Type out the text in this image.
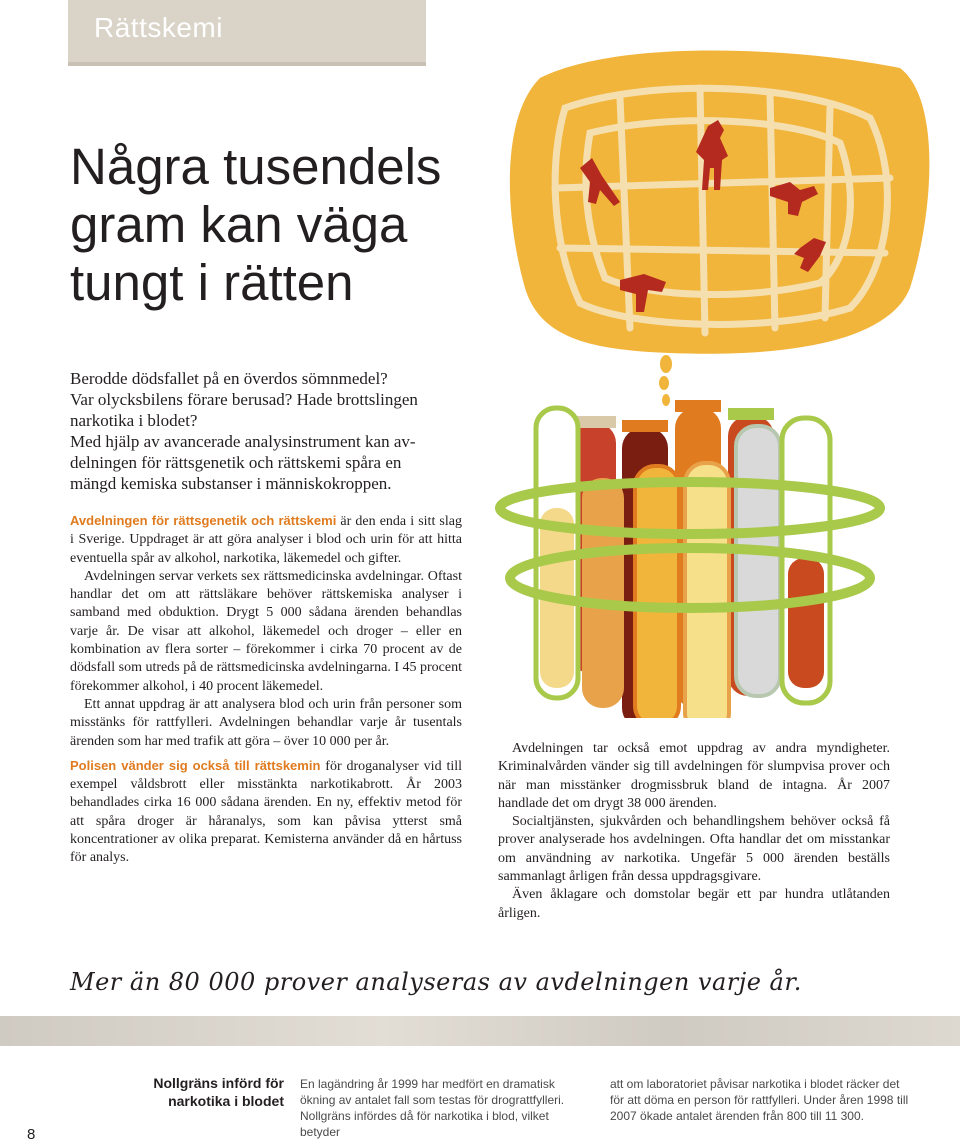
Rättskemi
Några tusendels
gram kan väga
tungt i rätten

Berodde dödsfallet på en överdos sömnmedel?

Var olycksbilens förare berusad? Hade brottslingen

narkotika i blodet?

Med hjälp av avancerade analysinstrument kan av-

delningen för rättsgenetik och rättskemi spåra en

mängd kemiska substanser i människokroppen.

Avdelningen för rättsgenetik och rättskemi är den enda i sitt slag i Sverige. Uppdraget är att göra analyser i blod och urin för att hitta eventuella spår av alkohol, narkotika, läkemedel och gifter.

Avdelningen servar verkets sex rättsmedicinska avdelningar. Oftast handlar det om att rättsläkare behöver rättskemiska analyser i samband med obduktion. Drygt 5 000 sådana ärenden behandlas varje år. De visar att alkohol, läkemedel och droger – eller en kombination av flera sorter – förekommer i cirka 70 procent av de dödsfall som utreds på de rättsmedicinska avdelningarna. I 45 procent förekommer alkohol, i 40 procent läkemedel.

Ett annat uppdrag är att analysera blod och urin från personer som misstänks för rattfylleri. Avdelningen behandlar varje år tusentals ärenden som har med trafik att göra – över 10 000 per år.

Polisen vänder sig också till rättskemin för droganalyser vid till exempel våldsbrott eller misstänkta narkotikabrott. År 2003 behandlades cirka 16 000 sådana ärenden. En ny, effektiv metod för att spåra droger är håranalys, som kan påvisa ytterst små koncentrationer av olika preparat. Kemisterna använder då en hårtuss för analys.

Avdelningen tar också emot uppdrag av andra myndigheter. Kriminalvården vänder sig till avdelningen för slumpvisa prover och när man misstänker drogmissbruk bland de intagna. År 2007 handlade det om drygt 38 000 ärenden.

Socialtjänsten, sjukvården och behandlingshem behöver också få prover analyserade hos avdelningen. Ofta handlar det om misstankar om användning av narkotika. Ungefär 5 000 ärenden beställs sammanlagt årligen från dessa uppdragsgivare.

Även åklagare och domstolar begär ett par hundra utlåtanden årligen.

Mer än 80 000 prover analyseras av avdelningen varje år.
Nollgräns införd för narkotika i blodet

En lagändring år 1999 har medfört en dramatisk ökning av antalet fall som testas för drograttfylleri. Nollgräns infördes då för narkotika i blod, vilket betyder

att om laboratoriet påvisar narkotika i blodet räcker det för att döma en person för rattfylleri. Under åren 1998 till 2007 ökade antalet ärenden från 800 till 11 300.

8
